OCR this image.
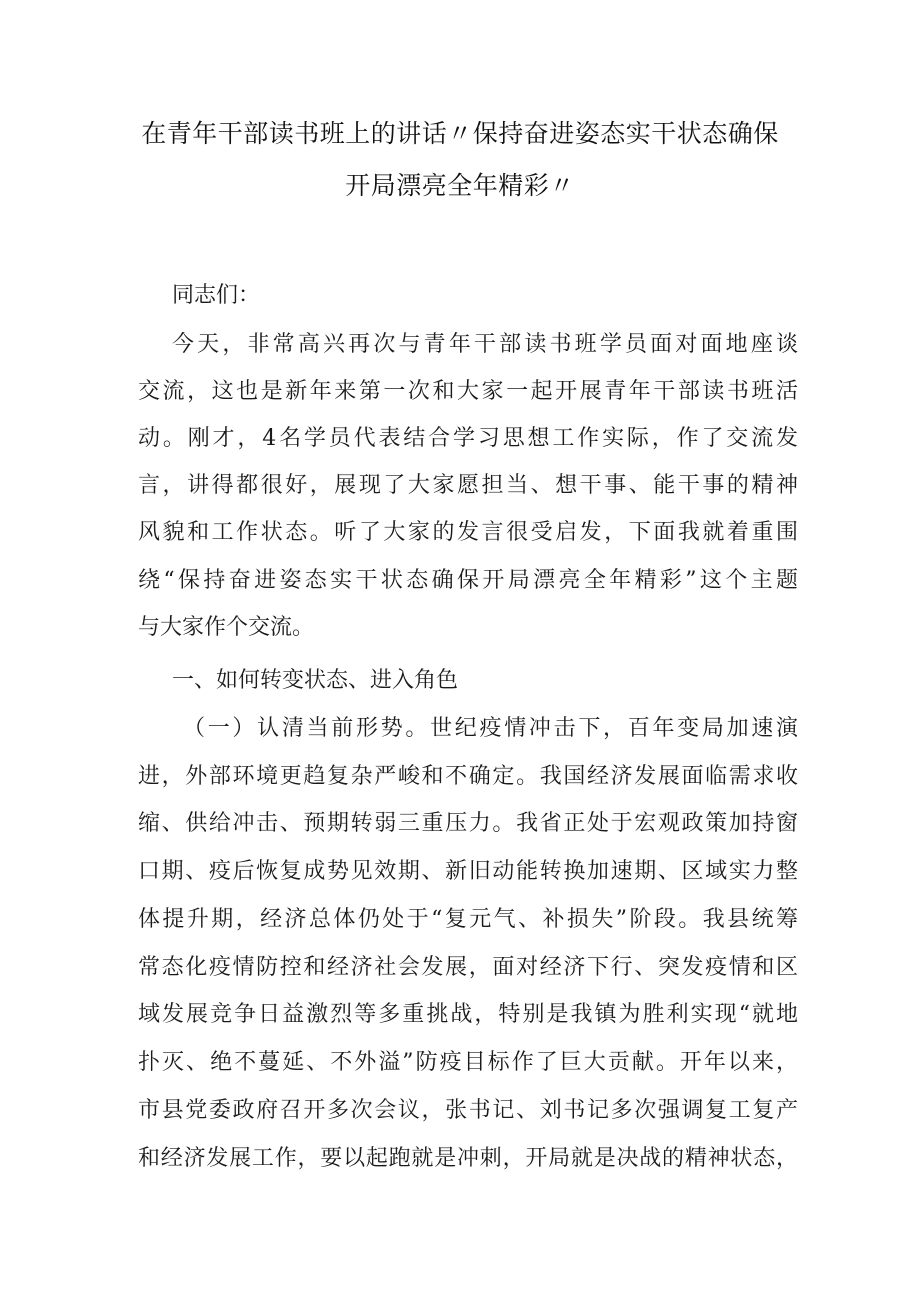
在青年干部读书班上的讲话〃保持奋进姿态实干状态确保
开局漂亮全年精彩〃
同志们：
今天，非常高兴再次与青年干部读书班学员面对面地座谈
交流，这也是新年来第一次和大家一起开展青年干部读书班活
动。刚才，4名学员代表结合学习思想工作实际，作了交流发
言，讲得都很好，展现了大家愿担当、想干事、能干事的精神
风貌和工作状态。听了大家的发言很受启发，下面我就着重围
绕“保持奋进姿态实干状态确保开局漂亮全年精彩”这个主题
与大家作个交流。
一、如何转变状态、进入角色
（一）认清当前形势。世纪疫情冲击下，百年变局加速演
进，外部环境更趋复杂严峻和不确定。我国经济发展面临需求收
缩、供给冲击、预期转弱三重压力。我省正处于宏观政策加持窗
口期、疫后恢复成势见效期、新旧动能转换加速期、区域实力整
体提升期，经济总体仍处于“复元气、补损失”阶段。我县统筹
常态化疫情防控和经济社会发展，面对经济下行、突发疫情和区
域发展竞争日益激烈等多重挑战，特别是我镇为胜利实现“就地
扑灭、绝不蔓延、不外溢”防疫目标作了巨大贡献。开年以来，
市县党委政府召开多次会议，张书记、刘书记多次强调复工复产
和经济发展工作，要以起跑就是冲刺，开局就是决战的精神状态，
